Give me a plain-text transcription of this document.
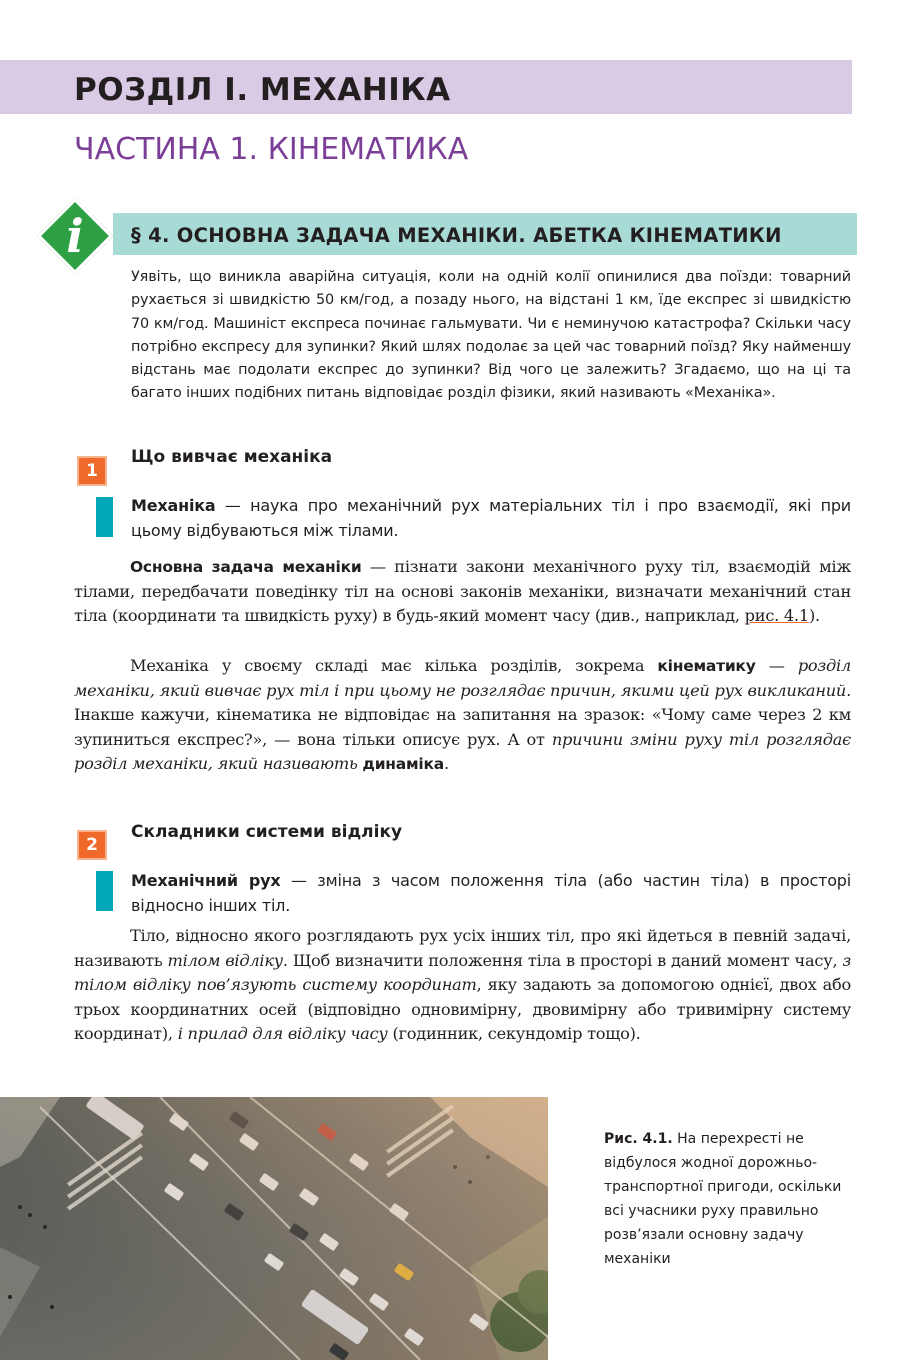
РОЗДІЛ І. МЕХАНІКА
ЧАСТИНА 1. КІНЕМАТИКА
i	§ 4. ОСНОВНА ЗАДАЧА МЕХАНІКИ. АБЕТКА КІНЕМАТИКИ

Уявіть, що виникла аварійна ситуація, коли на одній колії опинилися два поїзди: товарний рухається зі швидкістю 50 км/год, а позаду нього, на відстані 1 км, їде експрес зі швидкістю 70 км/год. Машиніст експреса починає гальмувати. Чи є неминучою катастрофа? Скільки часу потрібно експресу для зупинки? Який шлях подолає за цей час товарний поїзд? Яку найменшу відстань має подолати експрес до зупинки? Від чого це залежить? Згадаємо, що на ці та багато інших подібних питань відповідає розділ фізики, який називають «Механіка».

1
Що вивчає механіка

Механіка — наука про механічний рух матеріальних тіл і про взаємодії, які при цьому відбуваються між тілами.

Основна задача механіки — пізнати закони механічного руху тіл, взаємодій між тілами, передбачати поведінку тіл на основі законів механіки, визначати механічний стан тіла (координати та швидкість руху) в будь-який момент часу (див., наприклад, рис. 4.1).

Механіка у своєму складі має кілька розділів, зокрема кінематику — розділ механіки, який вивчає рух тіл і при цьому не розглядає причин, якими цей рух викликаний. Інакше кажучи, кінематика не відповідає на запитання на зразок: «Чому саме через 2 км зупиниться експрес?», — вона тільки описує рух. А от причини зміни руху тіл розглядає розділ механіки, який називають динаміка.

2
Складники системи відліку

Механічний рух — зміна з часом положення тіла (або частин тіла) в просторі відносно інших тіл.

Тіло, відносно якого розглядають рух усіх інших тіл, про які йдеться в певній задачі, називають тілом відліку. Щоб визначити положення тіла в просторі в даний момент часу, з тілом відліку пов’язують систему координат, яку задають за допомогою однієї, двох або трьох координатних осей (відповідно одновимірну, двовимірну або тривимірну систему координат), і прилад для відліку часу (годинник, секундомір тощо).

Рис. 4.1. На перехресті не відбулося жодної дорожньо-транспортної пригоди, оскільки всі учасники руху правильно розв’язали основну задачу механіки
